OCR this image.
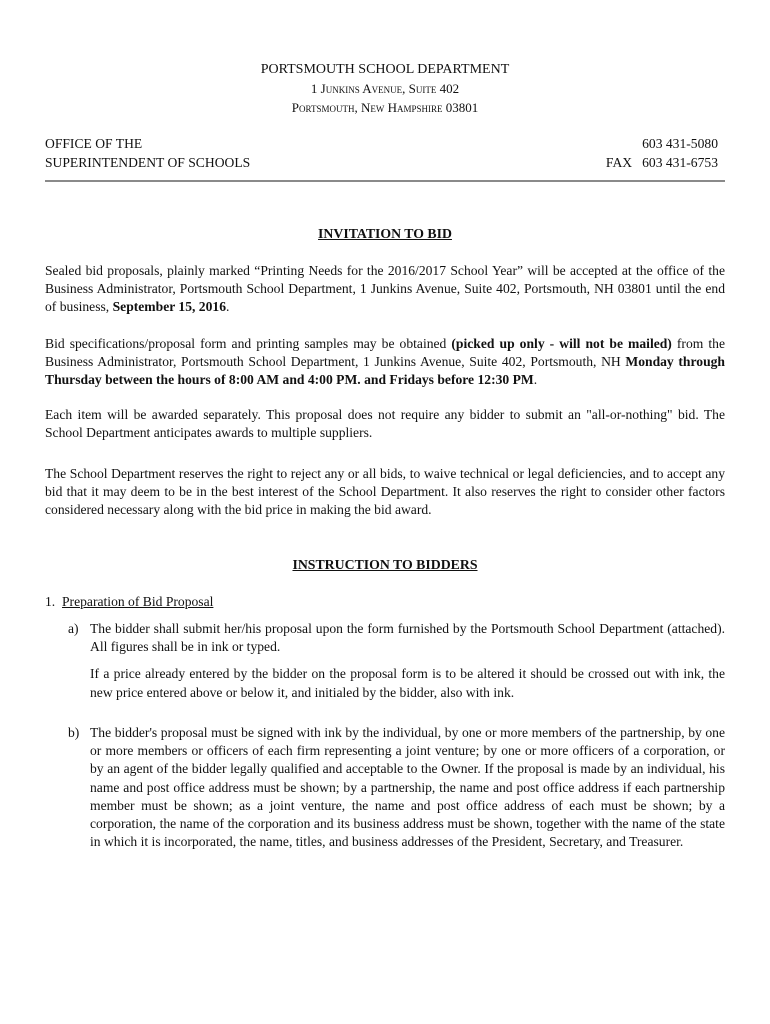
PORTSMOUTH SCHOOL DEPARTMENT
1 Junkins Avenue, Suite 402
Portsmouth, New Hampshire 03801
OFFICE OF THE
SUPERINTENDENT OF SCHOOLS
603 431-5080
FAX 603 431-6753
INVITATION TO BID
Sealed bid proposals, plainly marked “Printing Needs for the 2016/2017 School Year” will be accepted at the office of the Business Administrator, Portsmouth School Department, 1 Junkins Avenue, Suite 402, Portsmouth, NH 03801 until the end of business, September 15, 2016.
Bid specifications/proposal form and printing samples may be obtained (picked up only - will not be mailed) from the Business Administrator, Portsmouth School Department, 1 Junkins Avenue, Suite 402, Portsmouth, NH Monday through Thursday between the hours of 8:00 AM and 4:00 PM. and Fridays before 12:30 PM.
Each item will be awarded separately. This proposal does not require any bidder to submit an "all-or-nothing" bid. The School Department anticipates awards to multiple suppliers.
The School Department reserves the right to reject any or all bids, to waive technical or legal deficiencies, and to accept any bid that it may deem to be in the best interest of the School Department. It also reserves the right to consider other factors considered necessary along with the bid price in making the bid award.
INSTRUCTION TO BIDDERS
1. Preparation of Bid Proposal
a) The bidder shall submit her/his proposal upon the form furnished by the Portsmouth School Department (attached). All figures shall be in ink or typed.
If a price already entered by the bidder on the proposal form is to be altered it should be crossed out with ink, the new price entered above or below it, and initialed by the bidder, also with ink.
b) The bidder's proposal must be signed with ink by the individual, by one or more members of the partnership, by one or more members or officers of each firm representing a joint venture; by one or more officers of a corporation, or by an agent of the bidder legally qualified and acceptable to the Owner. If the proposal is made by an individual, his name and post office address must be shown; by a partnership, the name and post office address if each partnership member must be shown; as a joint venture, the name and post office address of each must be shown; by a corporation, the name of the corporation and its business address must be shown, together with the name of the state in which it is incorporated, the name, titles, and business addresses of the President, Secretary, and Treasurer.
